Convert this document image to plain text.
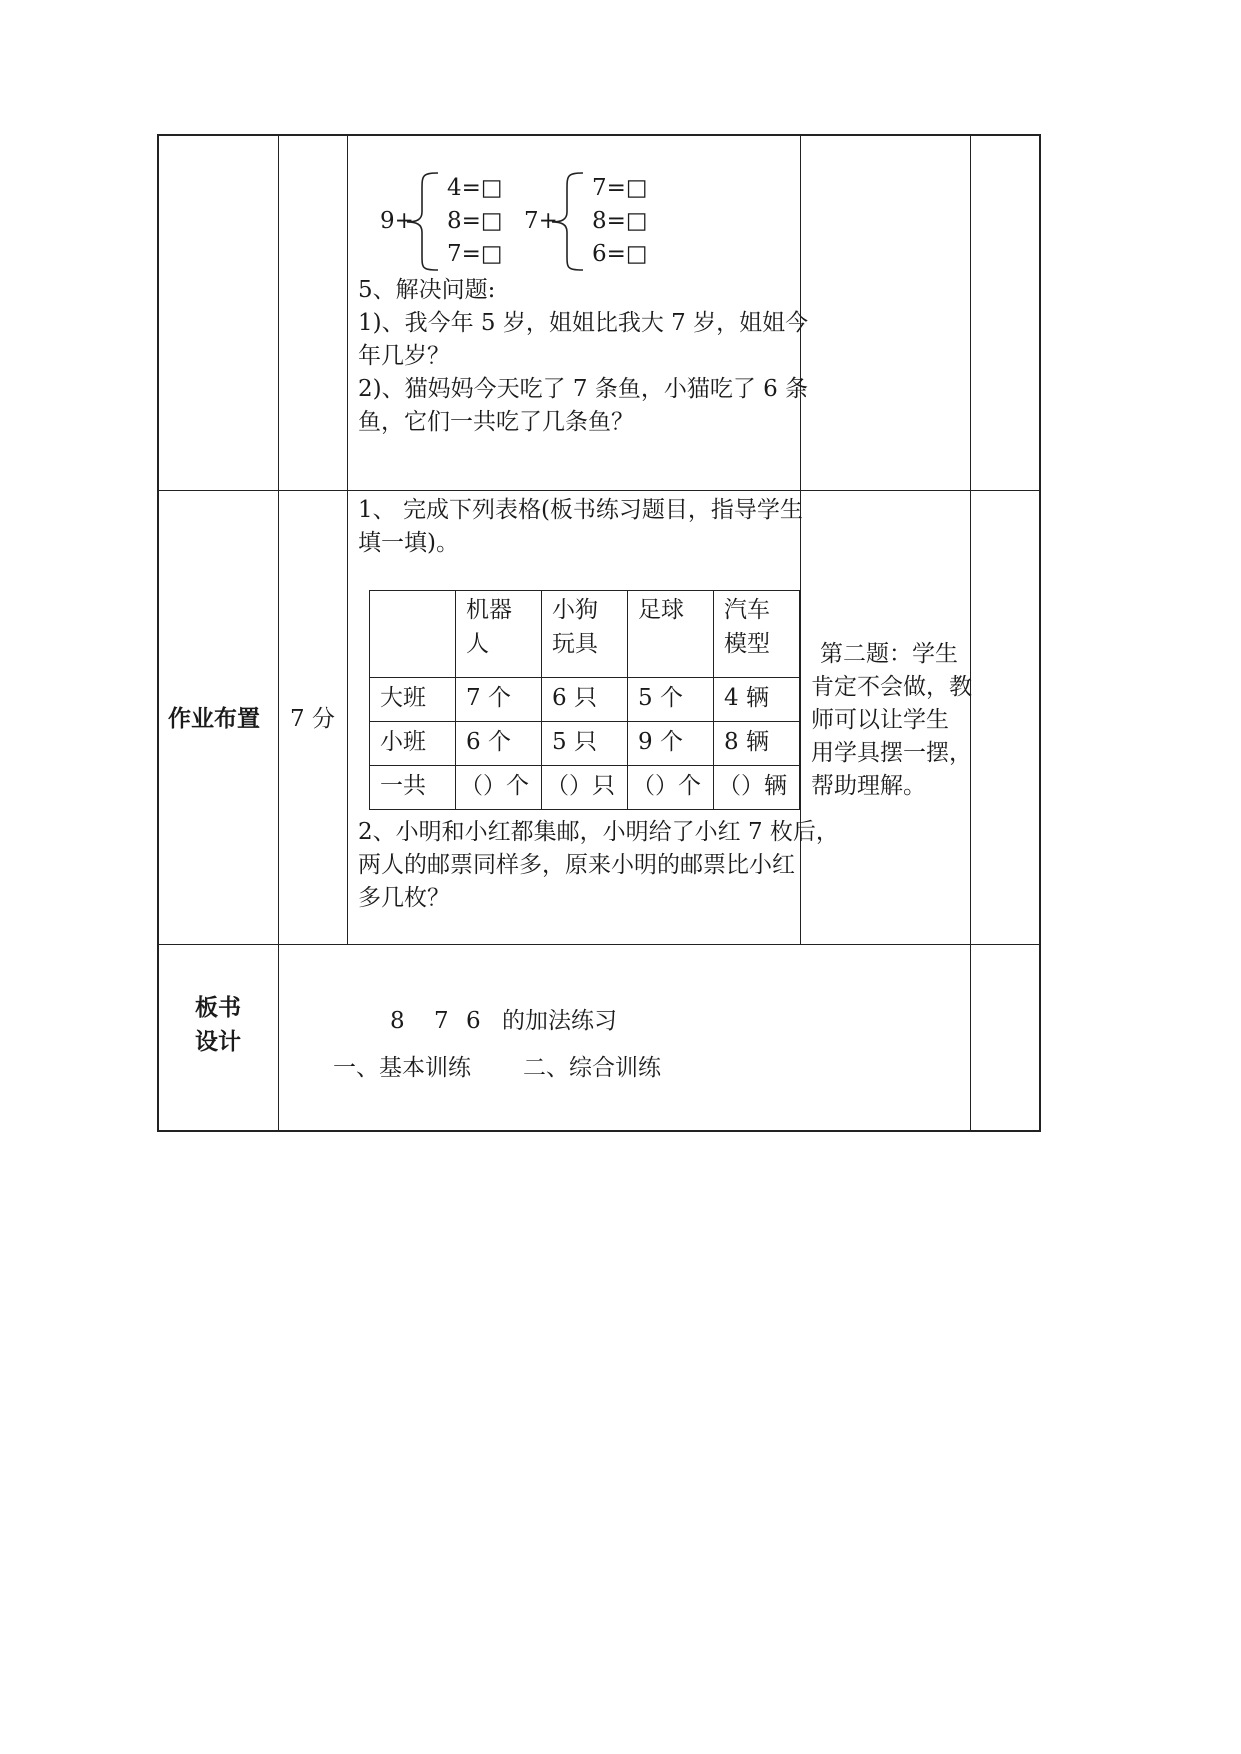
9+
4=□
8=□
7=□
7+
7=□
8=□
6=□
5、解决问题:
1)、我今年 5 岁，姐姐比我大 7 岁，姐姐今
年几岁？
2)、猫妈妈今天吃了 7 条鱼，小猫吃了 6 条
鱼，它们一共吃了几条鱼？
作业布置 7 分
1、 完成下列表格(板书练习题目，指导学生
填一填)。
机器
人
小狗
玩具
足球 汽车
模型
大班 7 个 6 只 5 个 4 辆
小班 6 个 5 只 9 个 8 辆
一共 （）个 （）只 （）个 （）辆
2、小明和小红都集邮，小明给了小红 7 枚后，
两人的邮票同样多，原来小明的邮票比小红
多几枚？
第二题：学生
肯定不会做，教
师可以让学生
用学具摆一摆，
帮助理解。
板书
设计
8 7 6 的加法练习
一、基本训练 二、综合训练
